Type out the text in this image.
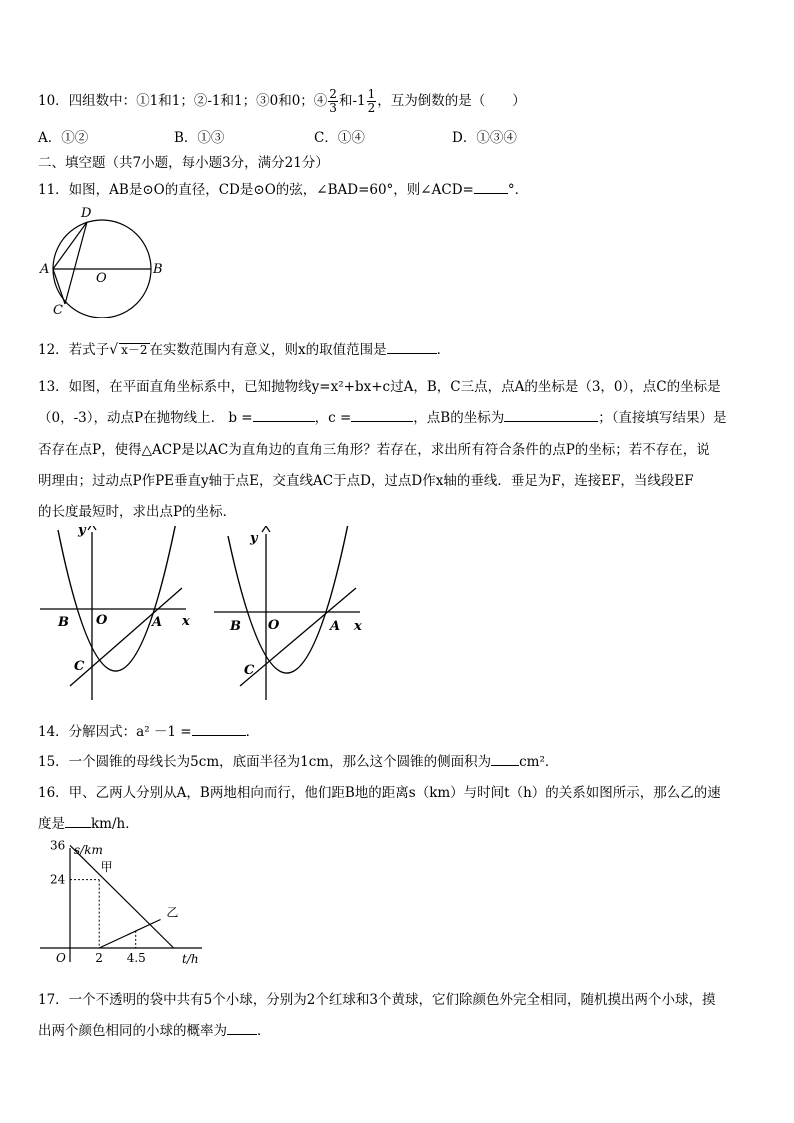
10．四组数中：①1和1；②-1和1；③0和0；④ $\frac{2}{3}$ 和$-1 \frac{1}{2}$ ，互为倒数的是（　　）
A．①②	B．①③	C．①④	D．①③④
二、填空题（共7小题，每小题3分，满分21分）
11．如图，AB是⊙O的直径，CD是⊙O的弦，∠BAD=60°，则∠ACD=	°．
A	B
D
C
O
12．若式子√ x－2 在实数范围内有意义，则x的取值范围是	．
13．如图，在平面直角坐标系中，已知抛物线y=x²+bx+c过A，B，C三点，点A的坐标是（3，0），点C的坐标是
（0，-3），动点P在抛物线上． b =	，c =	，点B的坐标为	；（直接填写结果）是
否存在点P，使得△ACP是以AC为直角边的直角三角形？若存在，求出所有符合条件的点P的坐标；若不存在，说
明理由；过动点P作PE垂直y轴于点E，交直线AC于点D，过点D作x轴的垂线．垂足为F，连接EF，当线段EF
的长度最短时，求出点P的坐标．
y
x
B O	A
C
y
x
B O	A
C
14．分解因式：a² －1 =	．
15．一个圆锥的母线长为5cm，底面半径为1cm，那么这个圆锥的侧面积为 cm²．
16．甲、乙两人分别从A，B两地相向而行，他们距B地的距离s（km）与时间t（h）的关系如图所示，那么乙的速
度是 km/h．
s/km
t/h
O
36
24
2 4.5
甲
乙
17．一个不透明的袋中共有5个小球，分别为2个红球和3个黄球，它们除颜色外完全相同，随机摸出两个小球，摸
出两个颜色相同的小球的概率为 ．
